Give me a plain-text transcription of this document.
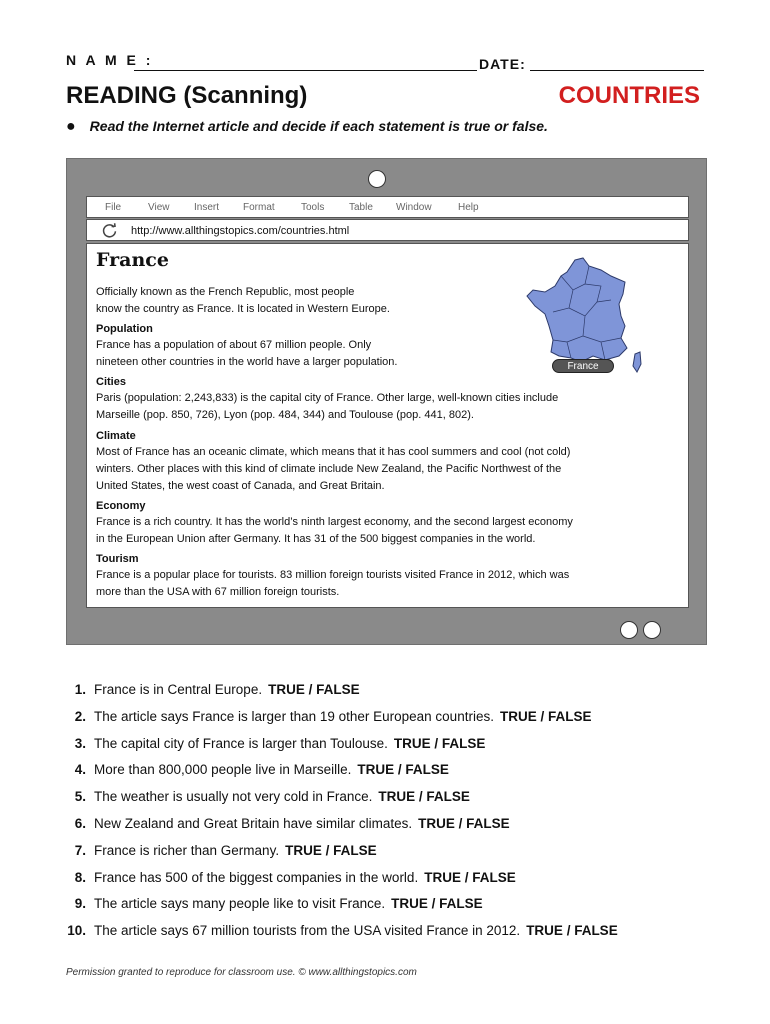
N A M E :	DATE:
READING (Scanning)	COUNTRIES
● Read the Internet article and decide if each statement is true or false.
File	View Insert Format	Tools Table Window	Help
http://www.allthingstopics.com/countries.html
France
Officially known as the French Republic, most people
know the country as France. It is located in Western Europe.
Population
France has a population of about 67 million people. Only
nineteen other countries in the world have a larger population.
Cities
Paris (population: 2,243,833) is the capital city of France. Other large, well-known cities include
Marseille (pop. 850, 726), Lyon (pop. 484, 344) and Toulouse (pop. 441, 802).
Climate
Most of France has an oceanic climate, which means that it has cool summers and cool (not cold)
winters. Other places with this kind of climate include New Zealand, the Pacific Northwest of the
United States, the west coast of Canada, and Great Britain.
Economy
France is a rich country. It has the world’s ninth largest economy, and the second largest economy
in the European Union after Germany. It has 31 of the 500 biggest companies in the world.
Tourism
France is a popular place for tourists. 83 million foreign tourists visited France in 2012, which was
more than the USA with 67 million foreign tourists.
France
1. France is in Central Europe. TRUE / FALSE
2. The article says France is larger than 19 other European countries. TRUE / FALSE
3. The capital city of France is larger than Toulouse. TRUE / FALSE
4. More than 800,000 people live in Marseille. TRUE / FALSE
5. The weather is usually not very cold in France. TRUE / FALSE
6. New Zealand and Great Britain have similar climates. TRUE / FALSE
7. France is richer than Germany. TRUE / FALSE
8. France has 500 of the biggest companies in the world. TRUE / FALSE
9. The article says many people like to visit France. TRUE / FALSE
10. The article says 67 million tourists from the USA visited France in 2012. TRUE / FALSE
Permission granted to reproduce for classroom use. © www.allthingstopics.com
